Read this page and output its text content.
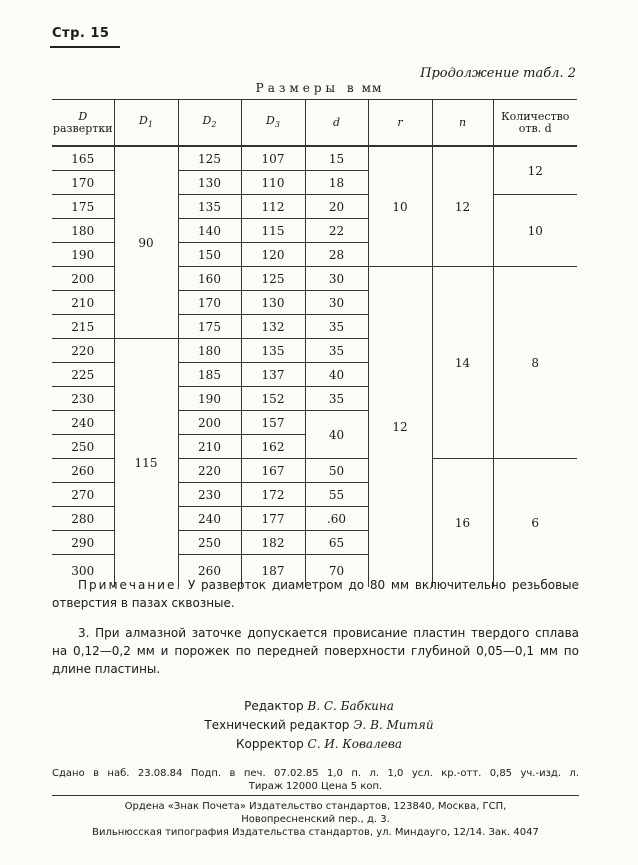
Стр. 15
Продолжение табл. 2
Размеры в мм
D
развертки	$D_1$	$D_2$	$D_3$	d	r	n	Количество
отв. d
165	90	125	107	15	10	12	12
170		130	110	18			
175		135	112	20			10
180		140	115	22			
190		150	120	28			
200		160	125	30	12	14	8
210		170	130	30			
215		175	132	35			
220	115	180	135	35			
225		185	137	40			
230		190	152	35			
240		200	157	40			
250		210	162				
260		220	167	50		16	6
270		230	172	55			
280		240	177	.60			
290		250	182	65			
300		260	187	70			

Примечание. У разверток диаметром до 80 мм включительно резьбовые отверстия в пазах сквозные.

3. При алмазной заточке допускается провисание пластин твердого сплава на 0,12—0,2 мм и порожек по передней поверхности глубиной 0,05—0,1 мм по длине пластины.

Редактор В. С. Бабкина
Технический редактор Э. В. Митяй
Корректор С. И. Ковалева
Сдано в наб. 23.08.84 Подп. в печ. 07.02.85 1,0 п. л. 1,0 усл. кр.-отт. 0,85 уч.-изд. л.
Тираж 12000 Цена 5 коп.
Ордена «Знак Почета» Издательство стандартов, 123840, Москва, ГСП,
Новопресненский пер., д. 3.
Вильнюсская типография Издательства стандартов, ул. Миндауго, 12/14. Зак. 4047
